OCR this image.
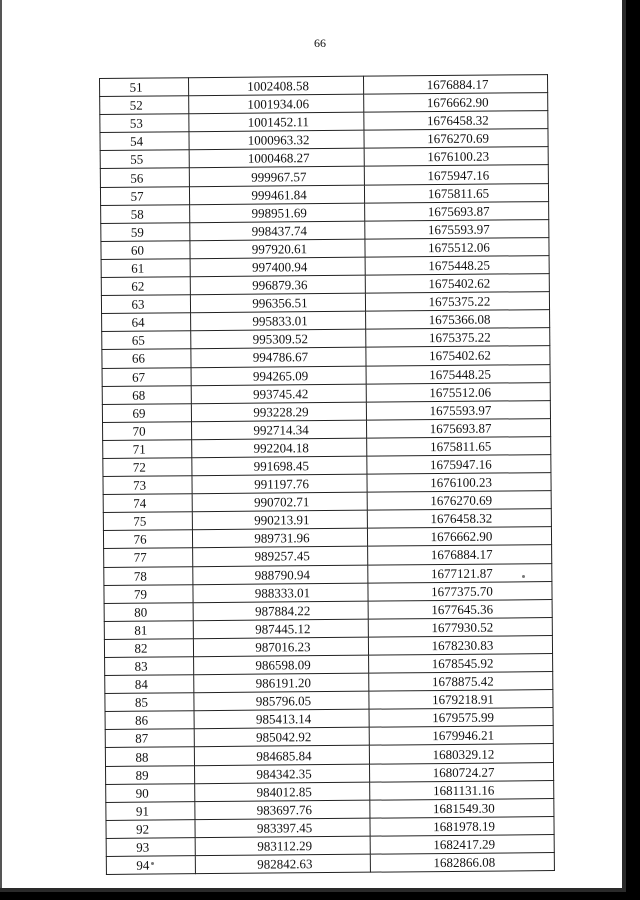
66
51	1002408.58	1676884.17
52	1001934.06	1676662.90
53	1001452.11	1676458.32
54	1000963.32	1676270.69
55	1000468.27	1676100.23
56	999967.57	1675947.16
57	999461.84	1675811.65
58	998951.69	1675693.87
59	998437.74	1675593.97
60	997920.61	1675512.06
61	997400.94	1675448.25
62	996879.36	1675402.62
63	996356.51	1675375.22
64	995833.01	1675366.08
65	995309.52	1675375.22
66	994786.67	1675402.62
67	994265.09	1675448.25
68	993745.42	1675512.06
69	993228.29	1675593.97
70	992714.34	1675693.87
71	992204.18	1675811.65
72	991698.45	1675947.16
73	991197.76	1676100.23
74	990702.71	1676270.69
75	990213.91	1676458.32
76	989731.96	1676662.90
77	989257.45	1676884.17
78	988790.94	1677121.87
79	988333.01	1677375.70
80	987884.22	1677645.36
81	987445.12	1677930.52
82	987016.23	1678230.83
83	986598.09	1678545.92
84	986191.20	1678875.42
85	985796.05	1679218.91
86	985413.14	1679575.99
87	985042.92	1679946.21
88	984685.84	1680329.12
89	984342.35	1680724.27
90	984012.85	1681131.16
91	983697.76	1681549.30
92	983397.45	1681978.19
93	983112.29	1682417.29
94	982842.63	1682866.08
